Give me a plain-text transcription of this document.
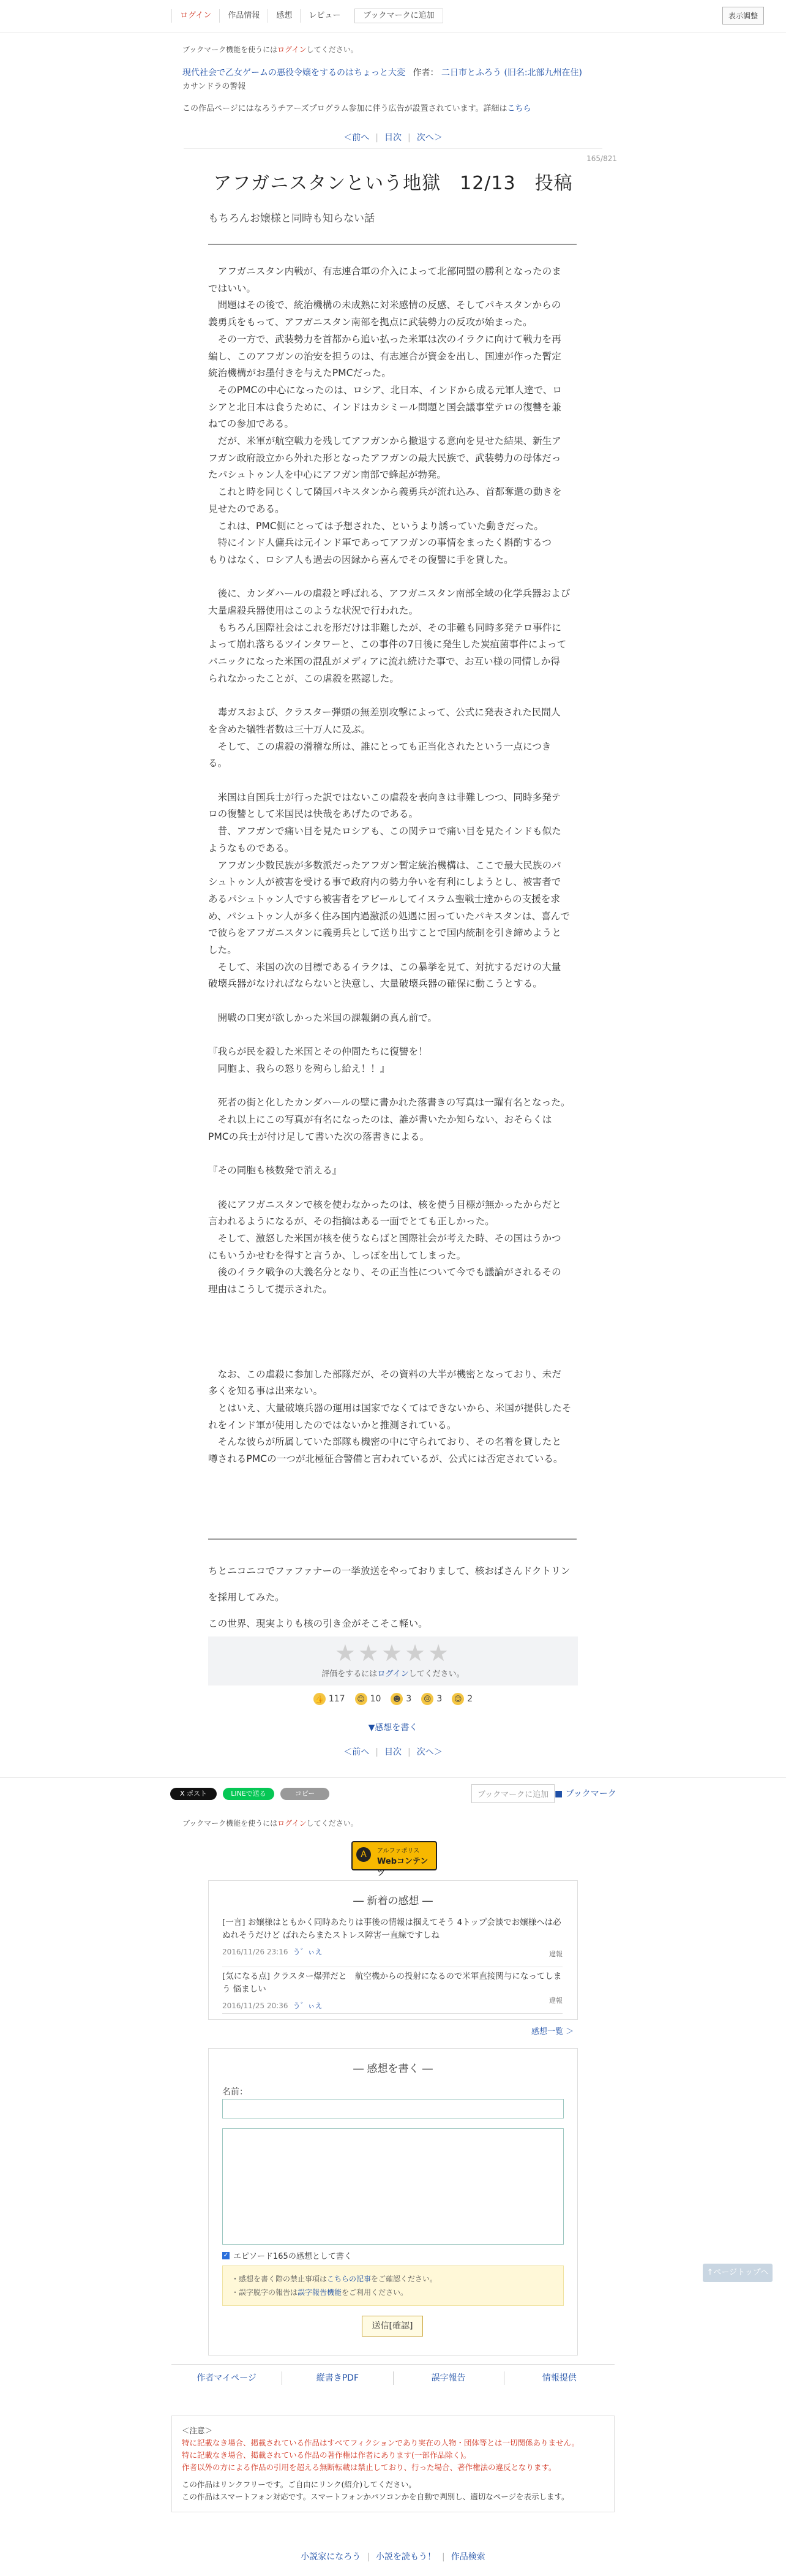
ログイン	作品情報	感想	レビュー	ブックマークに追加	表示調整
ブックマーク機能を使うにはログインしてください。
現代社会で乙女ゲームの悪役令嬢をするのはちょっと大変 作者： 二日市とふろう (旧名:北部九州在住)
カサンドラの警報
この作品ページにはなろうチアーズプログラム参加に伴う広告が設置されています。詳細はこちら
＜前へ | 目次 | 次へ＞
165/821
アフガニスタンという地獄　12/13　投稿
もちろんお嬢様と同時も知らない話

　アフガニスタン内戦が、有志連合軍の介入によって北部同盟の勝利となったのま

ではいい。

　問題はその後で、統治機構の未成熟に対米感情の反感、そしてパキスタンからの

義勇兵をもって、アフガニスタン南部を拠点に武装勢力の反攻が始まった。

　その一方で、武装勢力を首都から追い払った米軍は次のイラクに向けて戦力を再

編し、このアフガンの治安を担うのは、有志連合が資金を出し、国連が作った暫定

統治機構がお墨付きを与えたPMCだった。

　そのPMCの中心になったのは、ロシア、北日本、インドから成る元軍人達で、ロ

シアと北日本は食うために、インドはカシミール問題と国会議事堂テロの復讐を兼

ねての参加である。

　だが、米軍が航空戦力を残してアフガンから撤退する意向を見せた結果、新生ア

フガン政府設立から外れた形となったアフガンの最大民族で、武装勢力の母体だっ

たパシュトゥン人を中心にアフガン南部で蜂起が勃発。

　これと時を同じくして隣国パキスタンから義勇兵が流れ込み、首都奪還の動きを

見せたのである。

　これは、PMC側にとっては予想された、というより誘っていた動きだった。

　特にインド人傭兵は元インド軍であってアフガンの事情をまったく斟酌するつ

もりはなく、ロシア人も過去の因縁から喜んでその復讐に手を貸した。

　後に、カンダハールの虐殺と呼ばれる、アフガニスタン南部全域の化学兵器および

大量虐殺兵器使用はこのような状況で行われた。

　もちろん国際社会はこれを形だけは非難したが、その非難も同時多発テロ事件に

よって崩れ落ちるツインタワーと、この事件の7日後に発生した炭疽菌事件によって

パニックになった米国の混乱がメディアに流れ続けた事で、お互い様の同情しか得

られなかったことが、この虐殺を黙認した。

　毒ガスおよび、クラスター弾頭の無差別攻撃によって、公式に発表された民間人

を含めた犠牲者数は三十万人に及ぶ。

　そして、この虐殺の滑稽な所は、誰にとっても正当化されたという一点につき

る。

　米国は自国兵士が行った訳ではないこの虐殺を表向きは非難しつつ、同時多発テ

ロの復讐として米国民は快哉をあげたのである。

　昔、アフガンで痛い目を見たロシアも、この関テロで痛い目を見たインドも似た

ようなものである。

　アフガン少数民族が多数派だったアフガン暫定統治機構は、ここで最大民族のパ

シュトゥン人が被害を受ける事で政府内の勢力争いを有利にしようとし、被害者で

あるパシュトゥン人ですら被害者をアピールしてイスラム聖戦士達からの支援を求

め、パシュトゥン人が多く住み国内過激派の処遇に困っていたパキスタンは、喜んで

で彼らをアフガニスタンに義勇兵として送り出すことで国内統制を引き締めようと

した。

　そして、米国の次の目標であるイラクは、この暴挙を見て、対抗するだけの大量

破壊兵器がなければならないと決意し、大量破壊兵器の確保に動こうとする。

　開戦の口実が欲しかった米国の課報網の真ん前で。

『我らが民を殺した米国とその仲間たちに復讐を！

　同胞よ、我らの怒りを殉らし給え！！』

　死者の街と化したカンダハールの壁に書かれた落書きの写真は一躍有名となった。

　それ以上にこの写真が有名になったのは、誰が書いたか知らない、おそらくは

PMCの兵士が付け足して書いた次の落書きによる。

『その同胞も核数発で消える』

　後にアフガニスタンで核を使わなかったのは、核を使う目標が無かったからだと

言われるようになるが、その指摘はある一面でとても正しかった。

　そして、激怒した米国が核を使うならばと国際社会が考えた時、その国はうかつ

にもいうかせむを得すと言うか、しっぽを出してしまった。

　後のイラク戦争の大義名分となり、その正当性について今でも議論がされるその

理由はこうして提示された。

　なお、この虐殺に参加した部隊だが、その資料の大半が機密となっており、未だ

多くを知る事は出来ない。

　とはいえ、大量破壊兵器の運用は国家でなくてはできないから、米国が提供したそ

れをインド軍が使用したのではないかと推測されている。

　そんな彼らが所属していた部隊も機密の中に守られており、その名着を貸したと

噂されるPMCの一つが北極征合警備と言われているが、公式には否定されている。

ちとニコニコでファファナーの一挙放送をやっておりまして、核おばさんドクトリン

を採用してみた。

この世界、現実よりも核の引き金がそこそこ軽い。

★★★★★
評価をするにはログインしてください。
👍 117	☺ 10	☻ 3	😢 3	☺ 2
▼感想を書く
＜前へ | 目次 | 次へ＞
X ポスト	LINEで送る	コピー	ブックマークに追加 ■ ブックマーク
ブックマーク機能を使うにはログインしてください。
A	アルファポリス
Webコンテンツ
― 新着の感想 ―
[一言] お嬢様はともかく同時あたりは事後の情報は掴えてそう 4トップ会談でお嬢様へは必ぬれそうだけど ばれたらまたストレス障害一直線ですしね
2016/11/26 23:16 う゛ぃえ	違報
[気になる点] クラスター爆弾だと　航空機からの投射になるので米軍直接関与になってしまう 悩ましい
2016/11/25 20:36 う゛ぃえ
違報
感想一覧 ＞
― 感想を書く ―
名前：
✓ エピソード165の感想として書く
・感想を書く際の禁止事項はこちらの記事をご確認ください。
・誤字脱字の報告は誤字報告機能をご利用ください。
送信[確認]
↑ページトップへ
作者マイページ	縦書きPDF	誤字報告	情報提供
＜注意＞
特に記載なき場合、掲載されている作品はすべてフィクションであり実在の人物・団体等とは一切関係ありません。
特に記載なき場合、掲載されている作品の著作権は作者にあります(一部作品除く)。
作者以外の方による作品の引用を超える無断転載は禁止しており、行った場合、著作権法の違反となります。
この作品はリンクフリーです。ご自由にリンク(紹介)してください。
この作品はスマートフォン対応です。スマートフォンかパソコンかを自動で判別し、適切なページを表示します。
小説家になろう | 小説を読もう！ | 作品検索
